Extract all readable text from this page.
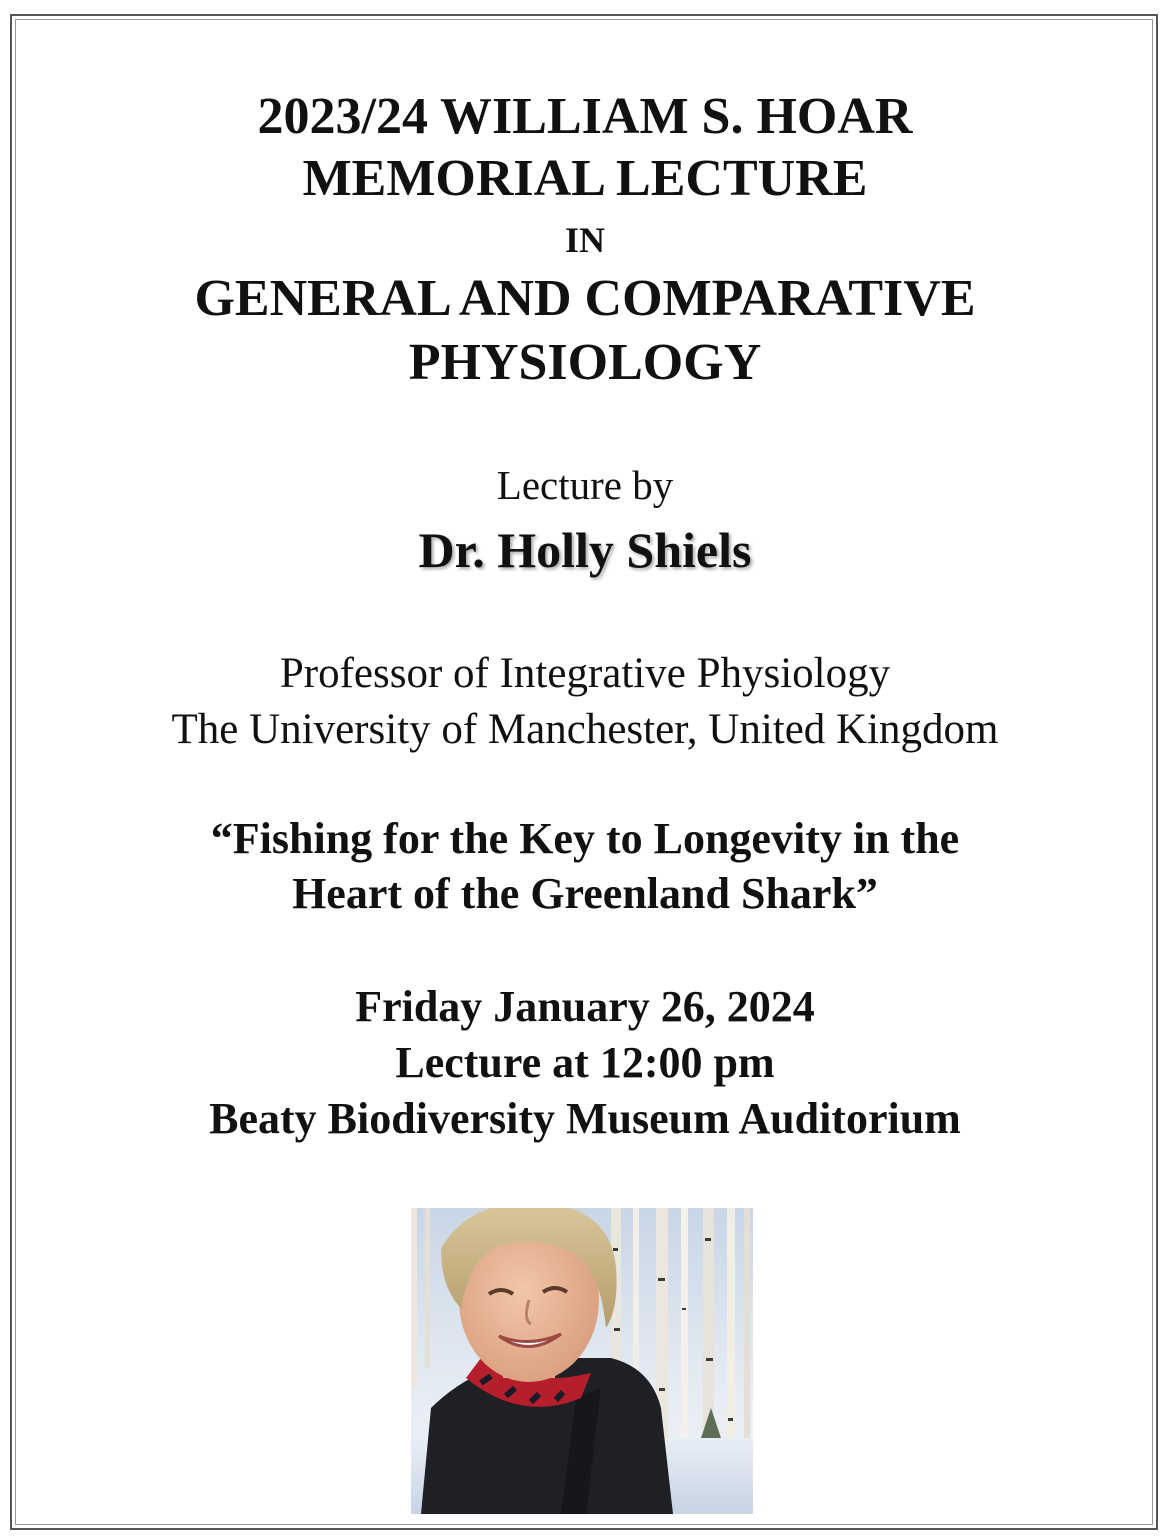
2023/24 WILLIAM S. HOAR
MEMORIAL LECTURE
IN
GENERAL AND COMPARATIVE
PHYSIOLOGY
Lecture by
Dr. Holly Shiels
Professor of Integrative Physiology
The University of Manchester, United Kingdom
“Fishing for the Key to Longevity in the
Heart of the Greenland Shark”
Friday January 26, 2024
Lecture at 12:00 pm
Beaty Biodiversity Museum Auditorium
